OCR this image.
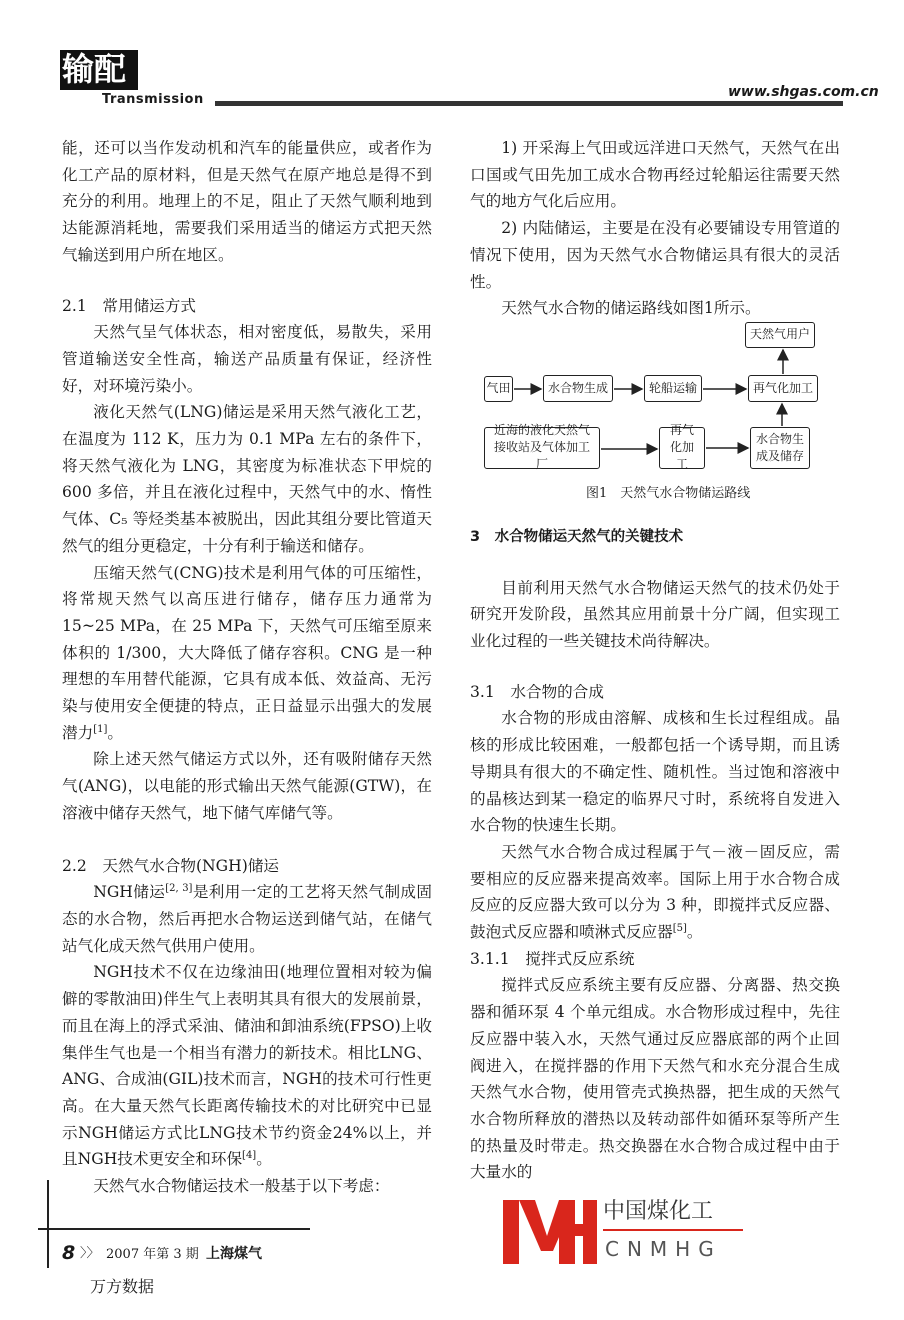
输配
Transmission	www.shgas.com.cn
能，还可以当作发动机和汽车的能量供应，或者作为化工产品的原材料，但是天然气在原产地总是得不到充分的利用。地理上的不足，阻止了天然气顺利地到达能源消耗地，需要我们采用适当的储运方式把天然气输送到用户所在地区。
2.1　常用储运方式
天然气呈气体状态，相对密度低，易散失，采用管道输送安全性高，输送产品质量有保证，经济性好，对环境污染小。
液化天然气(LNG)储运是采用天然气液化工艺，在温度为 112 K，压力为 0.1 MPa 左右的条件下，将天然气液化为 LNG，其密度为标准状态下甲烷的 600 多倍，并且在液化过程中，天然气中的水、惰性气体、C₅ 等烃类基本被脱出，因此其组分要比管道天然气的组分更稳定，十分有利于输送和储存。
压缩天然气(CNG)技术是利用气体的可压缩性，将常规天然气以高压进行储存，储存压力通常为 15~25 MPa，在 25 MPa 下，天然气可压缩至原来体积的 1/300，大大降低了储存容积。CNG 是一种理想的车用替代能源，它具有成本低、效益高、无污染与使用安全便捷的特点，正日益显示出强大的发展潜力[1]。
除上述天然气储运方式以外，还有吸附储存天然气(ANG)，以电能的形式输出天然气能源(GTW)，在溶液中储存天然气，地下储气库储气等。
2.2　天然气水合物(NGH)储运
NGH储运[2, 3]是利用一定的工艺将天然气制成固态的水合物，然后再把水合物运送到储气站，在储气站气化成天然气供用户使用。
NGH技术不仅在边缘油田(地理位置相对较为偏僻的零散油田)伴生气上表明其具有很大的发展前景，而且在海上的浮式采油、储油和卸油系统(FPSO)上收集伴生气也是一个相当有潜力的新技术。相比LNG、ANG、合成油(GIL)技术而言，NGH的技术可行性更高。在大量天然气长距离传输技术的对比研究中已显示NGH储运方式比LNG技术节约资金24%以上，并且NGH技术更安全和环保[4]。
天然气水合物储运技术一般基于以下考虑：
1) 开采海上气田或远洋进口天然气，天然气在出口国或气田先加工成水合物再经过轮船运往需要天然气的地方气化后应用。
2) 内陆储运，主要是在没有必要铺设专用管道的情况下使用，因为天然气水合物储运具有很大的灵活性。
天然气水合物的储运路线如图1所示。
天然气用户
气田	水合物生成	轮船运输	再气化加工
近海的液化天然气接收站及气体加工厂
再气化加工
水合物生成及储存
图1　天然气水合物储运路线
3　水合物储运天然气的关键技术
目前利用天然气水合物储运天然气的技术仍处于研究开发阶段，虽然其应用前景十分广阔，但实现工业化过程的一些关键技术尚待解决。
3.1　水合物的合成
水合物的形成由溶解、成核和生长过程组成。晶核的形成比较困难，一般都包括一个诱导期，而且诱导期具有很大的不确定性、随机性。当过饱和溶液中的晶核达到某一稳定的临界尺寸时，系统将自发进入水合物的快速生长期。
天然气水合物合成过程属于气－液－固反应，需要相应的反应器来提高效率。国际上用于水合物合成反应的反应器大致可以分为 3 种，即搅拌式反应器、鼓泡式反应器和喷淋式反应器[5]。
3.1.1　搅拌式反应系统
搅拌式反应系统主要有反应器、分离器、热交换器和循环泵 4 个单元组成。水合物形成过程中，先往反应器中装入水，天然气通过反应器底部的两个止回阀进入，在搅拌器的作用下天然气和水充分混合生成天然气水合物，使用管壳式换热器，把生成的天然气水合物所释放的潜热以及转动部件如循环泵等所产生的热量及时带走。热交换器在水合物合成过程中由于大量水的
中国煤化工
CNMHG
8 〉〉 2007 年第 3 期 上海煤气
万方数据
